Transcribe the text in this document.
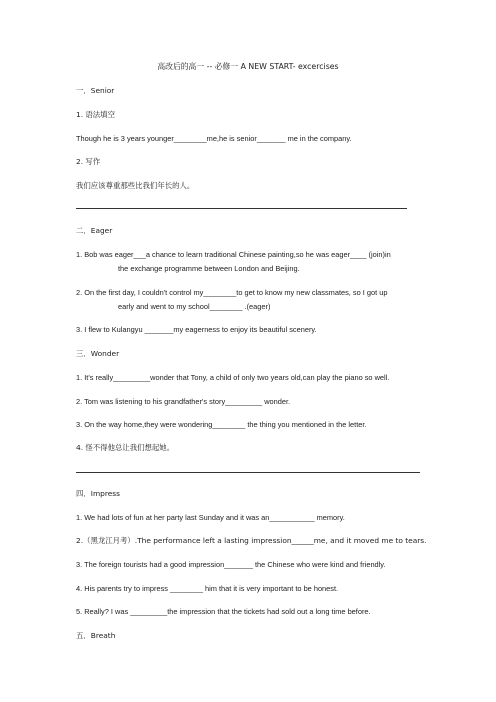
高改后的高一 -- 必修一 A NEW START- excercises
一．Senior
1. 语法填空
Though he is 3 years younger________me,he is senior_______ me in the company.
2. 写作
我们应该尊重那些比我们年长的人。
二．Eager
1. Bob was eager___a chance to learn traditional Chinese painting,so he was eager____ (join)in
the exchange programme between London and Beijing.
2. On the first day, I couldn't control my________to get to know my new classmates, so I got up
early and went to my school________ .(eager)
3. I flew to Kulangyu _______my eagerness to enjoy its beautiful scenery.
三．Wonder
1. It's really_________wonder that Tony, a child of only two years old,can play the piano so well.
2. Tom was listening to his grandfather's story_________ wonder.
3. On the way home,they were wondering________ the thing you mentioned in the letter.
4. 怪不得他总让我们想起她。
四．Impress
1. We had lots of fun at her party last Sunday and it was an___________ memory.
2.（黑龙江月考）.The performance left a lasting impression______me, and it moved me to tears.
3. The foreign tourists had a good impression_______ the Chinese who were kind and friendly.
4. His parents try to impress ________ him that it is very important to be honest.
5. Really? I was _________the impression that the tickets had sold out a long time before.
五．Breath
